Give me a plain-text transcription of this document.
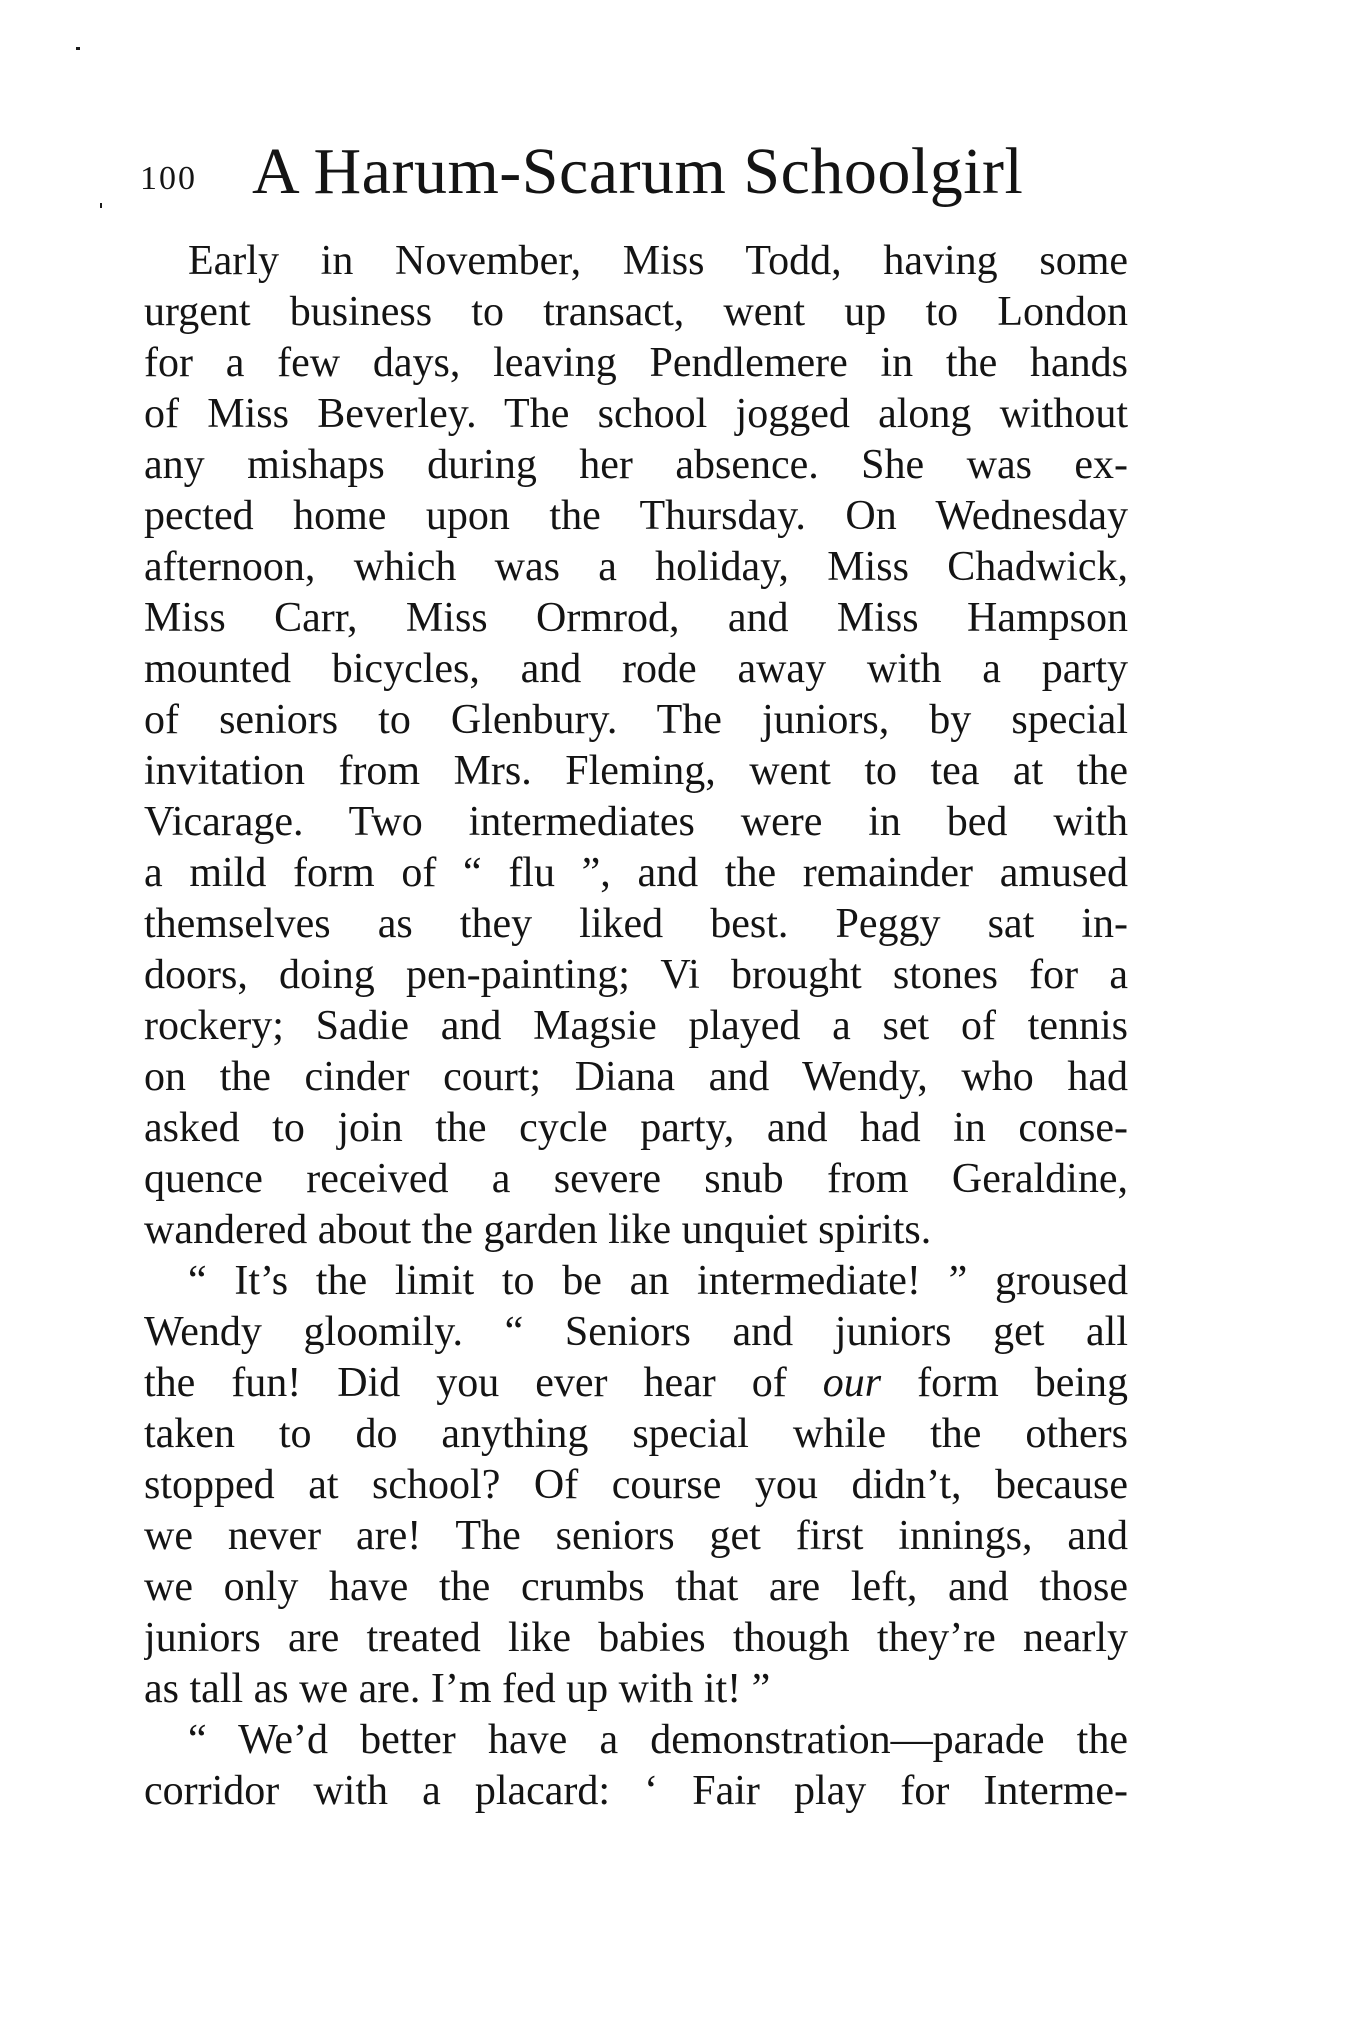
100 A Harum-Scarum Schoolgirl
Early in November, Miss Todd, having some
urgent business to transact, went up to London
for a few days, leaving Pendlemere in the hands
of Miss Beverley. The school jogged along without
any mishaps during her absence. She was ex-
pected home upon the Thursday. On Wednesday
afternoon, which was a holiday, Miss Chadwick,
Miss Carr, Miss Ormrod, and Miss Hampson
mounted bicycles, and rode away with a party
of seniors to Glenbury. The juniors, by special
invitation from Mrs. Fleming, went to tea at the
Vicarage. Two intermediates were in bed with
a mild form of “ flu ”, and the remainder amused
themselves as they liked best. Peggy sat in-
doors, doing pen-painting; Vi brought stones for a
rockery; Sadie and Magsie played a set of tennis
on the cinder court; Diana and Wendy, who had
asked to join the cycle party, and had in conse-
quence received a severe snub from Geraldine,
wandered about the garden like unquiet spirits.
“ It’s the limit to be an intermediate! ” groused
Wendy gloomily. “ Seniors and juniors get all
the fun! Did you ever hear of our form being
taken to do anything special while the others
stopped at school? Of course you didn’t, because
we never are! The seniors get first innings, and
we only have the crumbs that are left, and those
juniors are treated like babies though they’re nearly
as tall as we are. I’m fed up with it! ”
“ We’d better have a demonstration—parade the
corridor with a placard: ‘ Fair play for Interme-
